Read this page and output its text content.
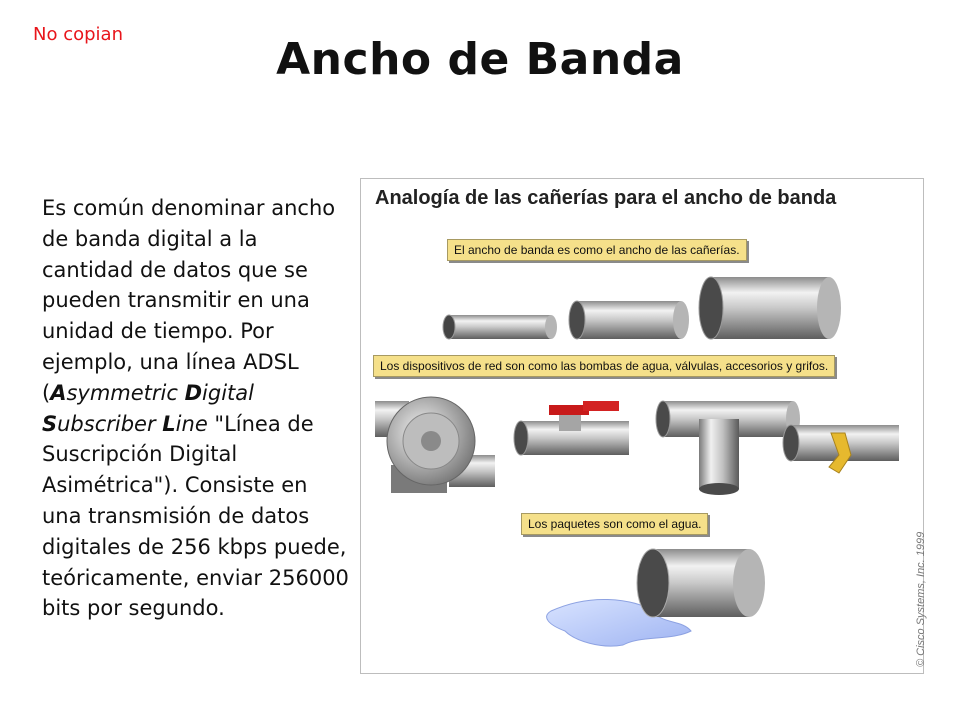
No copian	Ancho de Banda
Es común denominar ancho de banda digital a la cantidad de datos que se pueden transmitir en una unidad de tiempo. Por ejemplo, una línea ADSL (Asymmetric Digital
Subscriber Line "Línea de Suscripción Digital Asimétrica"). Consiste en una transmisión de datos digitales de 256 kbps puede, teóricamente, enviar 256000 bits por segundo.
Analogía de las cañerías para el ancho de banda
El ancho de banda es como el ancho de las cañerías.
Los dispositivos de red son como las bombas de agua, válvulas, accesorios y grifos.
Los paquetes son como el agua.
© Cisco Systems, Inc. 1999
